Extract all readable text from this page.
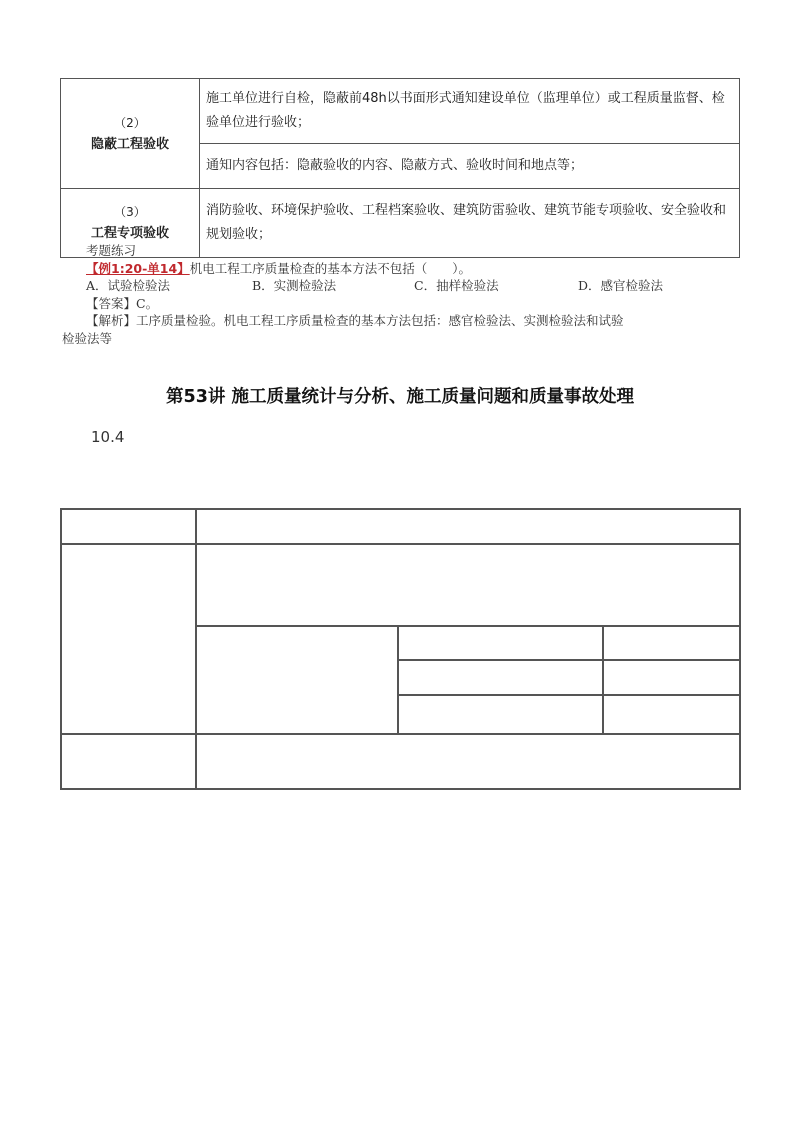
（2）
隐蔽工程验收	施工单位进行自检，隐蔽前48h以书面形式通知建设单位（监理单位）或工程质量监督、检验单位进行验收；
	通知内容包括：隐蔽验收的内容、隐蔽方式、验收时间和地点等；

（3）
工程专项验收	消防验收、环境保护验收、工程档案验收、建筑防雷验收、建筑节能专项验收、安全验收和规划验收；
考题练习
【例1:20-单14】机电工程工序质量检查的基本方法不包括（　　）。
A．试验检验法	B．实测检验法	C．抽样检验法	D．感官检验法
【答案】C。
【解析】工序质量检验。机电工程工序质量检查的基本方法包括：感官检验法、实测检验法和试验
检验法等
第53讲 施工质量统计与分析、施工质量问题和质量事故处理
10.4
